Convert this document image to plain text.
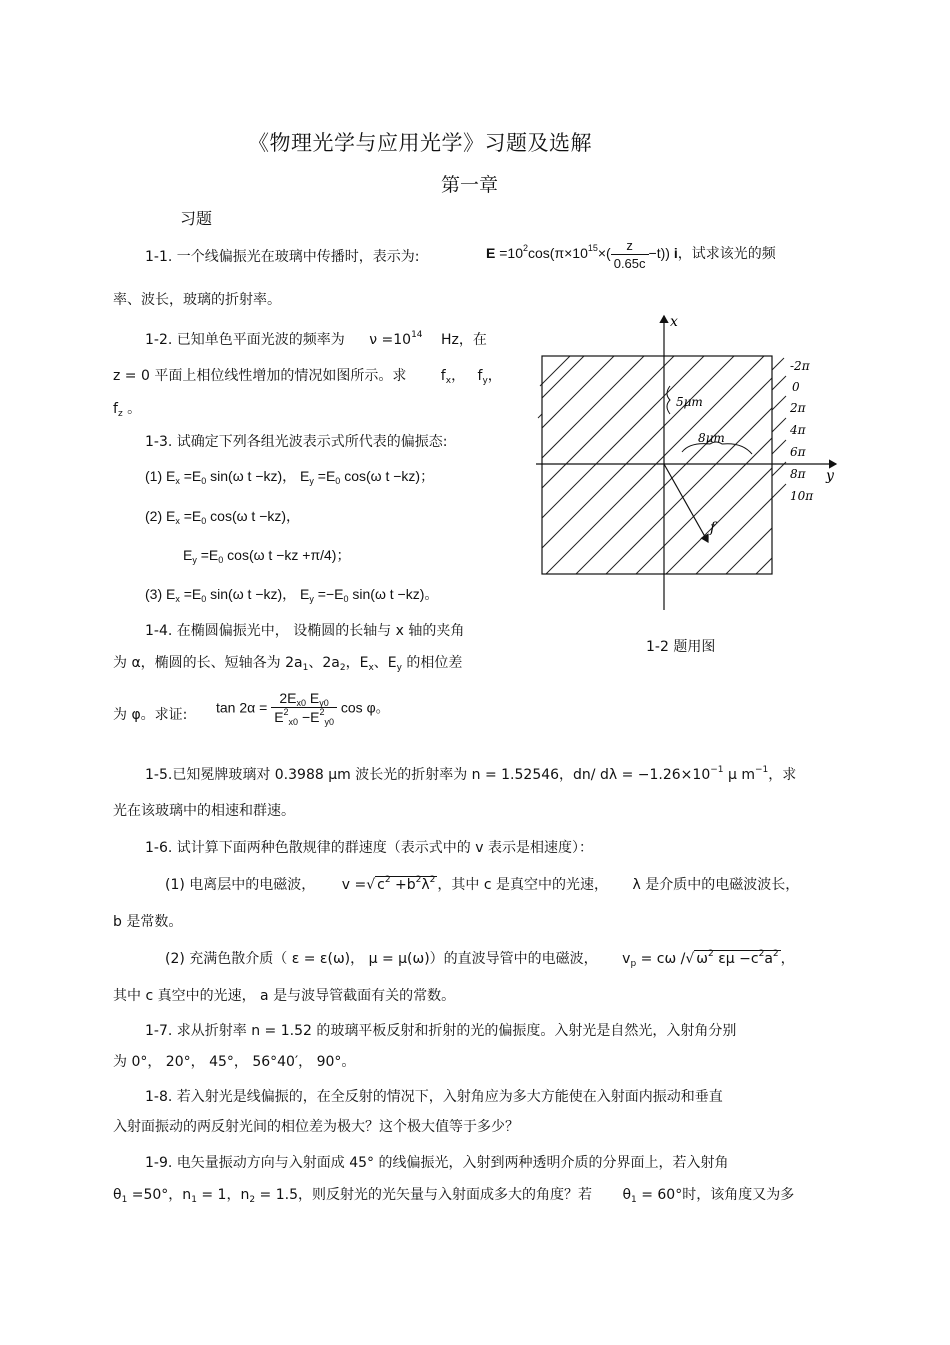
《物理光学与应用光学》习题及选解
第一章
习题
1-1. 一个线偏振光在玻璃中传播时，表示为:	$E =10^2\cos(\pi\times 10^{15}\times( \frac{z}{0.65c} -t))$ i，试求该光的频
率、波长，玻璃的折射率。
1-2. 已知单色平面光波的频率为 $\nu =10^{14}$ Hz，在
z = 0 平面上相位线性增加的情况如图所示。求 $f_x$， $f_y$，
$f_z$ 。
1-3. 试确定下列各组光波表示式所代表的偏振态:
(1) $E_x =E_0$ sin(ω t −kz)， $E_y =E_0$ cos(ω t −kz)；
(2) $E_x =E_0$ cos(ω t −kz)，
$E_y =E_0$ cos(ω t −kz +π/4)；
(3) $E_x =E_0$ sin(ω t −kz)， $E_y =-E_0$ sin(ω t −kz)。
1-4. 在椭圆偏振光中， 设椭圆的长轴与 x 轴的夹角
为 α，椭圆的长、短轴各为 $2a_1$、$2a_2$，$E_x$、$E_y$ 的相位差
为 φ。求证: $\tan 2\alpha = \frac{2E_{x0} E_{y0}}{E^2_{x0} -E^2_{y0}}$ cos φ。
1-5.已知冕牌玻璃对 0.3988 μm 波长光的折射率为 n = 1.52546，dn/ $d\lambda = -1.26\times 10^{-1}$ μ $m^{-1}$，求
光在该玻璃中的相速和群速。
1-6. 试计算下面两种色散规律的群速度（表示式中的 v 表示是相速度）：
(1) 电离层中的电磁波， v =√ $c^2 +b^2\lambda^2$ ，其中 c 是真空中的光速， λ 是介质中的电磁波波长，
b 是常数。
(2) 充满色散介质（ ε = ε(ω)， μ = μ(ω)）的直波导管中的电磁波， $v_p = c\omega$ /√ $\omega^2$ $\varepsilon\mu -c^2a^2$ ，
其中 c 真空中的光速， a 是与波导管截面有关的常数。
1-7. 求从折射率 n = 1.52 的玻璃平板反射和折射的光的偏振度。入射光是自然光，入射角分别
为 0°， 20°， 45°， 56°40′， 90°。
1-8. 若入射光是线偏振的，在全反射的情况下，入射角应为多大方能使在入射面内振动和垂直
入射面振动的两反射光间的相位差为极大？这个极大值等于多少？
1-9. 电矢量振动方向与入射面成 45° 的线偏振光，入射到两种透明介质的分界面上，若入射角
$\theta_1 =50^\circ$，$n_1 = 1$，$n_2 = 1.5$，则反射光的光矢量与入射面成多大的角度？若 $\theta_1 = 60^\circ$时，该角度又为多
x
y
f
5μm
8μm
-2π
0
2π
4π
6π
8π
10π
1-2 题用图
